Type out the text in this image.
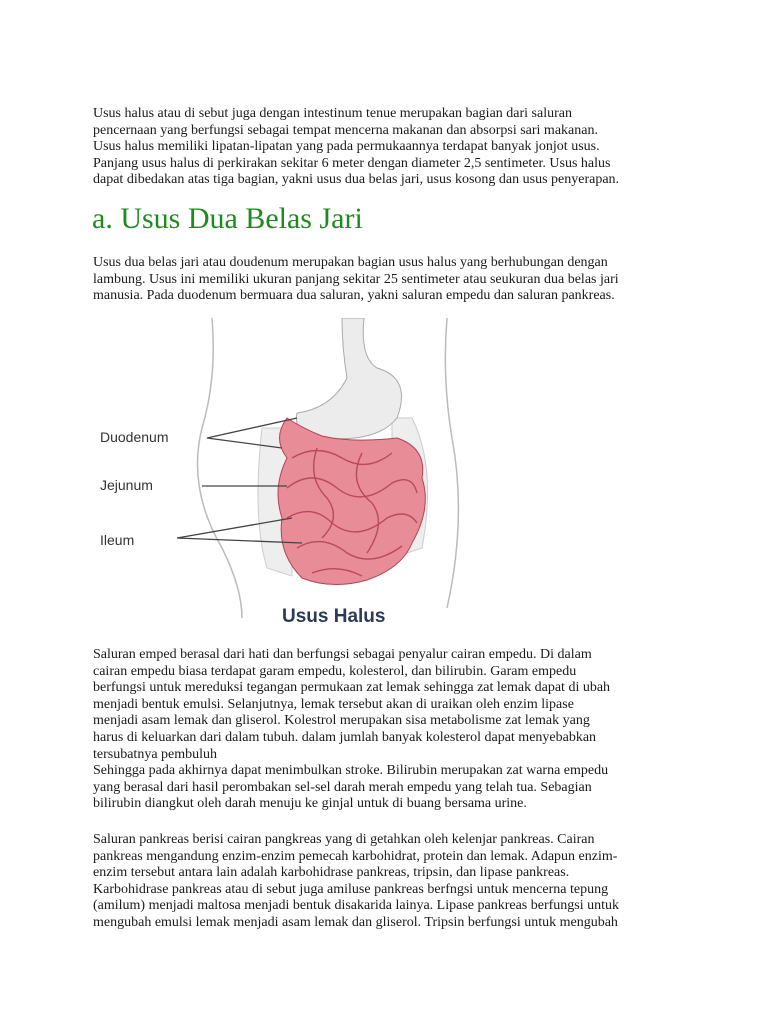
Usus halus atau di sebut juga dengan intestinum tenue merupakan bagian dari saluran
pencernaan yang berfungsi sebagai tempat mencerna makanan dan absorpsi sari makanan.
Usus halus memiliki lipatan-lipatan yang pada permukaannya terdapat banyak jonjot usus.
Panjang usus halus di perkirakan sekitar 6 meter dengan diameter 2,5 sentimeter. Usus halus
dapat dibedakan atas tiga bagian, yakni usus dua belas jari, usus kosong dan usus penyerapan.
a. Usus Dua Belas Jari
Usus dua belas jari atau doudenum merupakan bagian usus halus yang berhubungan dengan
lambung. Usus ini memiliki ukuran panjang sekitar 25 sentimeter atau seukuran dua belas jari
manusia. Pada duodenum bermuara dua saluran, yakni saluran empedu dan saluran pankreas.
Duodenum
Jejunum
Ileum
Usus Halus
Saluran emped berasal dari hati dan berfungsi sebagai penyalur cairan empedu. Di dalam
cairan empedu biasa terdapat garam empedu, kolesterol, dan bilirubin. Garam empedu
berfungsi untuk mereduksi tegangan permukaan zat lemak sehingga zat lemak dapat di ubah
menjadi bentuk emulsi. Selanjutnya, lemak tersebut akan di uraikan oleh enzim lipase
menjadi asam lemak dan gliserol. Kolestrol merupakan sisa metabolisme zat lemak yang
harus di keluarkan dari dalam tubuh. dalam jumlah banyak kolesterol dapat menyebabkan
tersubatnya pembuluh
Sehingga pada akhirnya dapat menimbulkan stroke. Bilirubin merupakan zat warna empedu
yang berasal dari hasil perombakan sel-sel darah merah empedu yang telah tua. Sebagian
bilirubin diangkut oleh darah menuju ke ginjal untuk di buang bersama urine.
Saluran pankreas berisi cairan pangkreas yang di getahkan oleh kelenjar pankreas. Cairan
pankreas mengandung enzim-enzim pemecah karbohidrat, protein dan lemak. Adapun enzim-
enzim tersebut antara lain adalah karbohidrase pankreas, tripsin, dan lipase pankreas.
Karbohidrase pankreas atau di sebut juga amiluse pankreas berfngsi untuk mencerna tepung
(amilum) menjadi maltosa menjadi bentuk disakarida lainya. Lipase pankreas berfungsi untuk
mengubah emulsi lemak menjadi asam lemak dan gliserol. Tripsin berfungsi untuk mengubah
